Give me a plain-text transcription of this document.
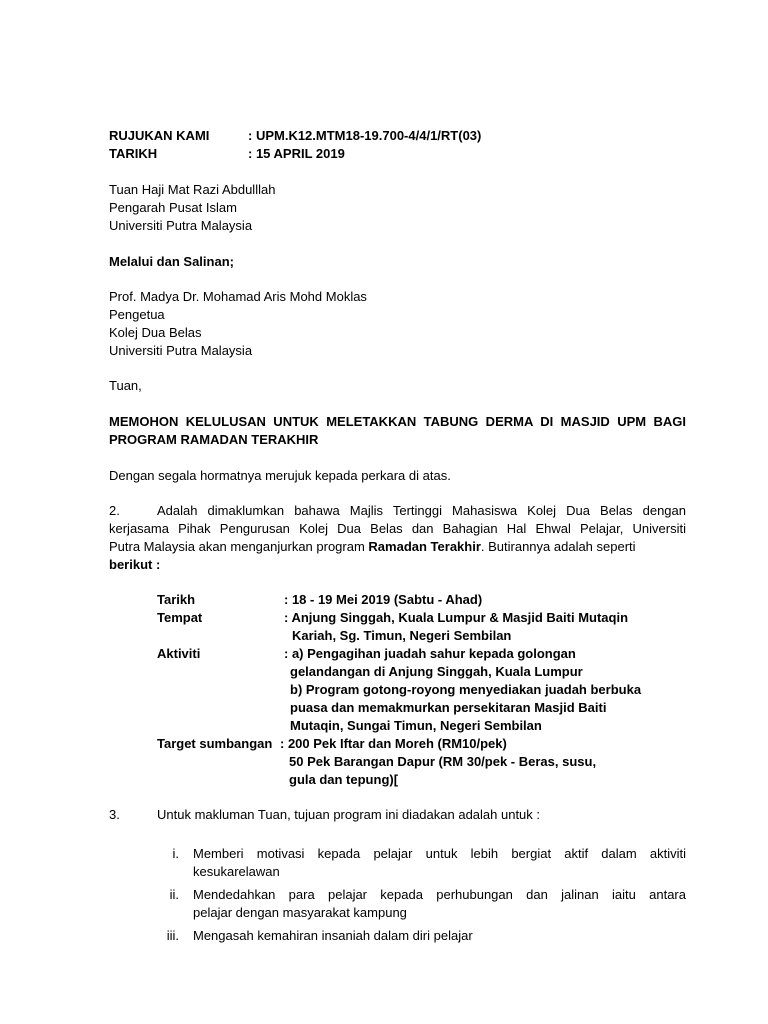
RUJUKAN KAMI	: UPM.K12.MTM18-19.700-4/4/1/RT(03)
TARIKH	: 15 APRIL 2019
Tuan Haji Mat Razi Abdulllah
Pengarah Pusat Islam
Universiti Putra Malaysia
Melalui dan Salinan;
Prof. Madya Dr. Mohamad Aris Mohd Moklas
Pengetua
Kolej Dua Belas
Universiti Putra Malaysia
Tuan,
MEMOHON KELULUSAN UNTUK MELETAKKAN TABUNG DERMA DI MASJID UPM BAGI
PROGRAM RAMADAN TERAKHIR
Dengan segala hormatnya merujuk kepada perkara di atas.
2.	Adalah dimaklumkan bahawa Majlis Tertinggi Mahasiswa Kolej Dua Belas dengan
kerjasama Pihak Pengurusan Kolej Dua Belas dan Bahagian Hal Ehwal Pelajar, Universiti
Putra Malaysia akan menganjurkan program Ramadan Terakhir. Butirannya adalah seperti
berikut :
Tarikh	: 18 - 19 Mei 2019 (Sabtu - Ahad)
Tempat	: Anjung Singgah, Kuala Lumpur & Masjid Baiti Mutaqin
Kariah, Sg. Timun, Negeri Sembilan
Aktiviti	: a) Pengagihan juadah sahur kepada golongan
gelandangan di Anjung Singgah, Kuala Lumpur
b) Program gotong-royong menyediakan juadah berbuka
puasa dan memakmurkan persekitaran Masjid Baiti
Mutaqin, Sungai Timun, Negeri Sembilan
Target sumbangan : 200 Pek Iftar dan Moreh (RM10/pek)
50 Pek Barangan Dapur (RM 30/pek - Beras, susu,
gula dan tepung)[
3.	Untuk makluman Tuan, tujuan program ini diadakan adalah untuk :
i. Memberi motivasi kepada pelajar untuk lebih bergiat aktif dalam aktiviti
kesukarelawan
ii. Mendedahkan para pelajar kepada perhubungan dan jalinan iaitu antara
pelajar dengan masyarakat kampung
iii. Mengasah kemahiran insaniah dalam diri pelajar
